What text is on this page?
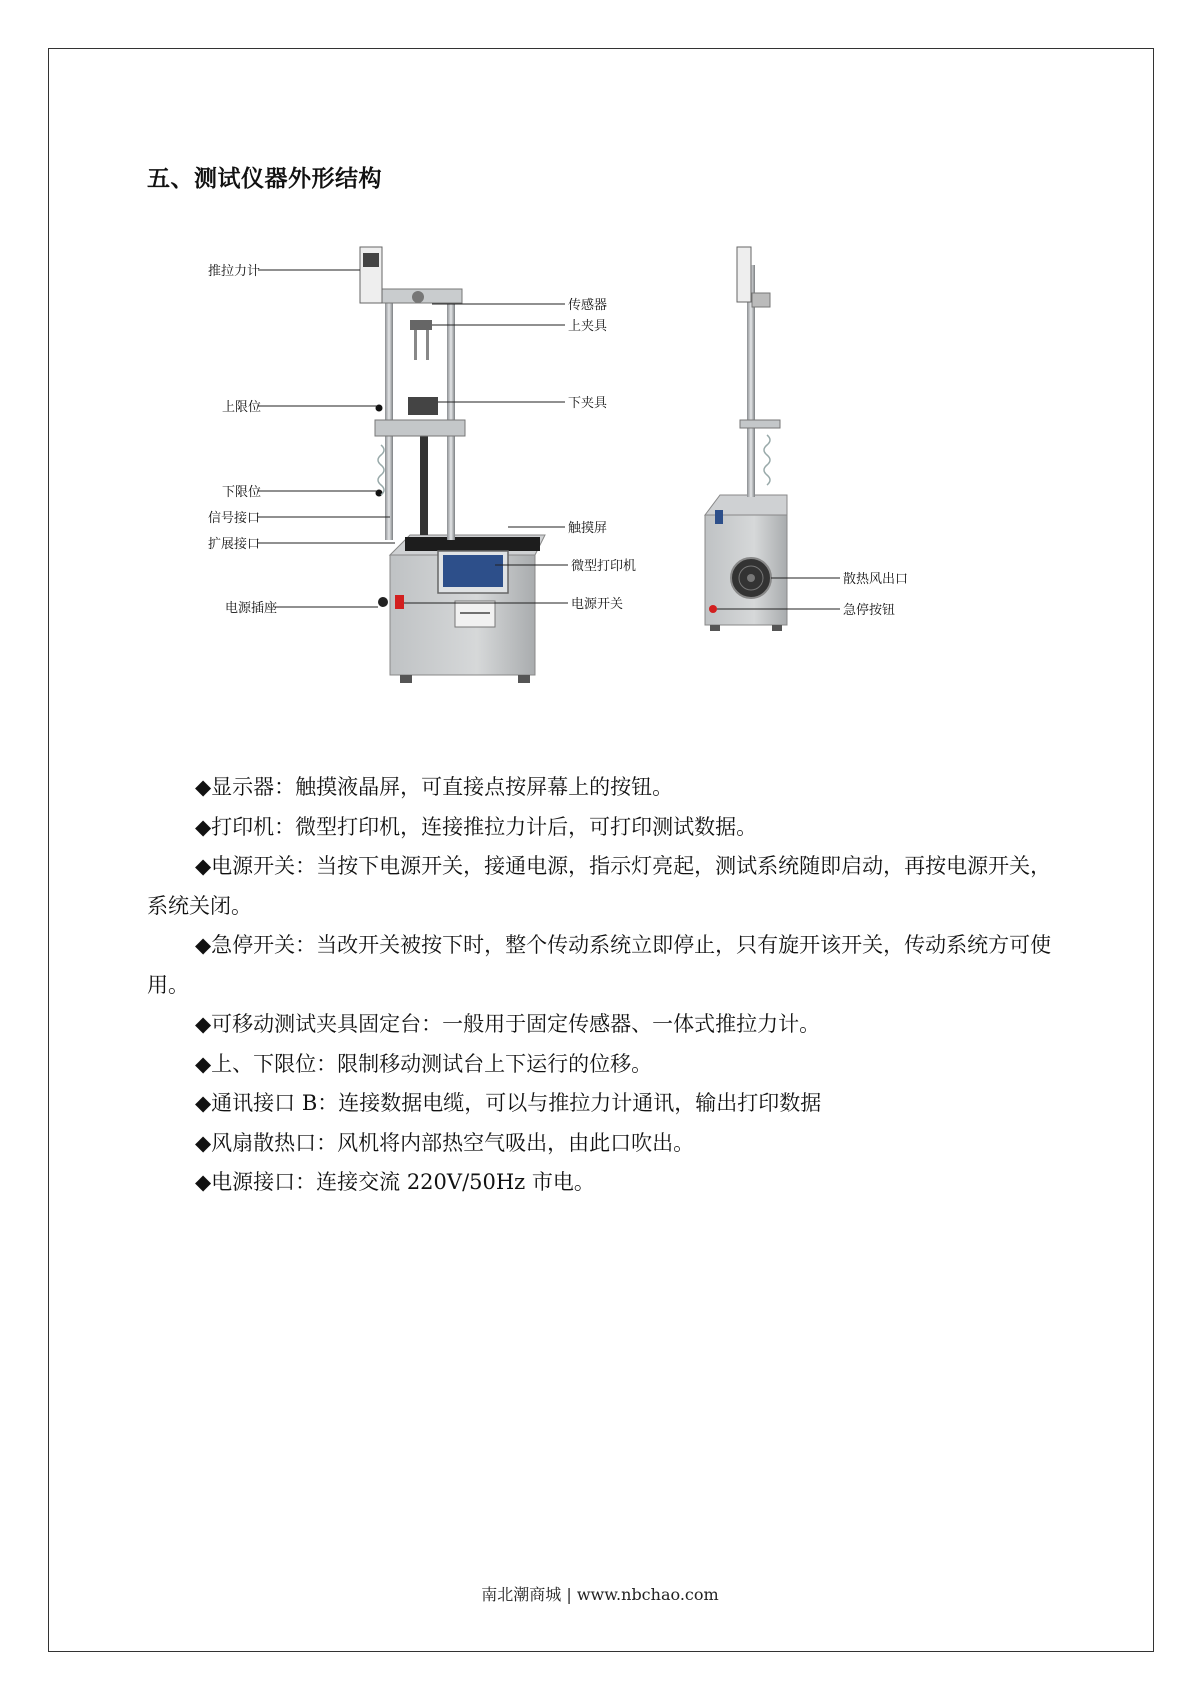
五、测试仪器外形结构
推拉力计
传感器
上夹具
上限位	下夹具
下限位
信号接口
扩展接口
触摸屏
微型打印机
电源插座	电源开关
散热风出口
急停按钮

◆显示器：触摸液晶屏，可直接点按屏幕上的按钮。

◆打印机：微型打印机，连接推拉力计后，可打印测试数据。

◆电源开关：当按下电源开关，接通电源，指示灯亮起，测试系统随即启动，再按电源开关，系统关闭。

◆急停开关：当改开关被按下时，整个传动系统立即停止，只有旋开该开关，传动系统方可使用。

◆可移动测试夹具固定台：一般用于固定传感器、一体式推拉力计。

◆上、下限位：限制移动测试台上下运行的位移。

◆通讯接口 B：连接数据电缆，可以与推拉力计通讯，输出打印数据

◆风扇散热口：风机将内部热空气吸出，由此口吹出。

◆电源接口：连接交流 220V/50Hz 市电。

南北潮商城 | www.nbchao.com
